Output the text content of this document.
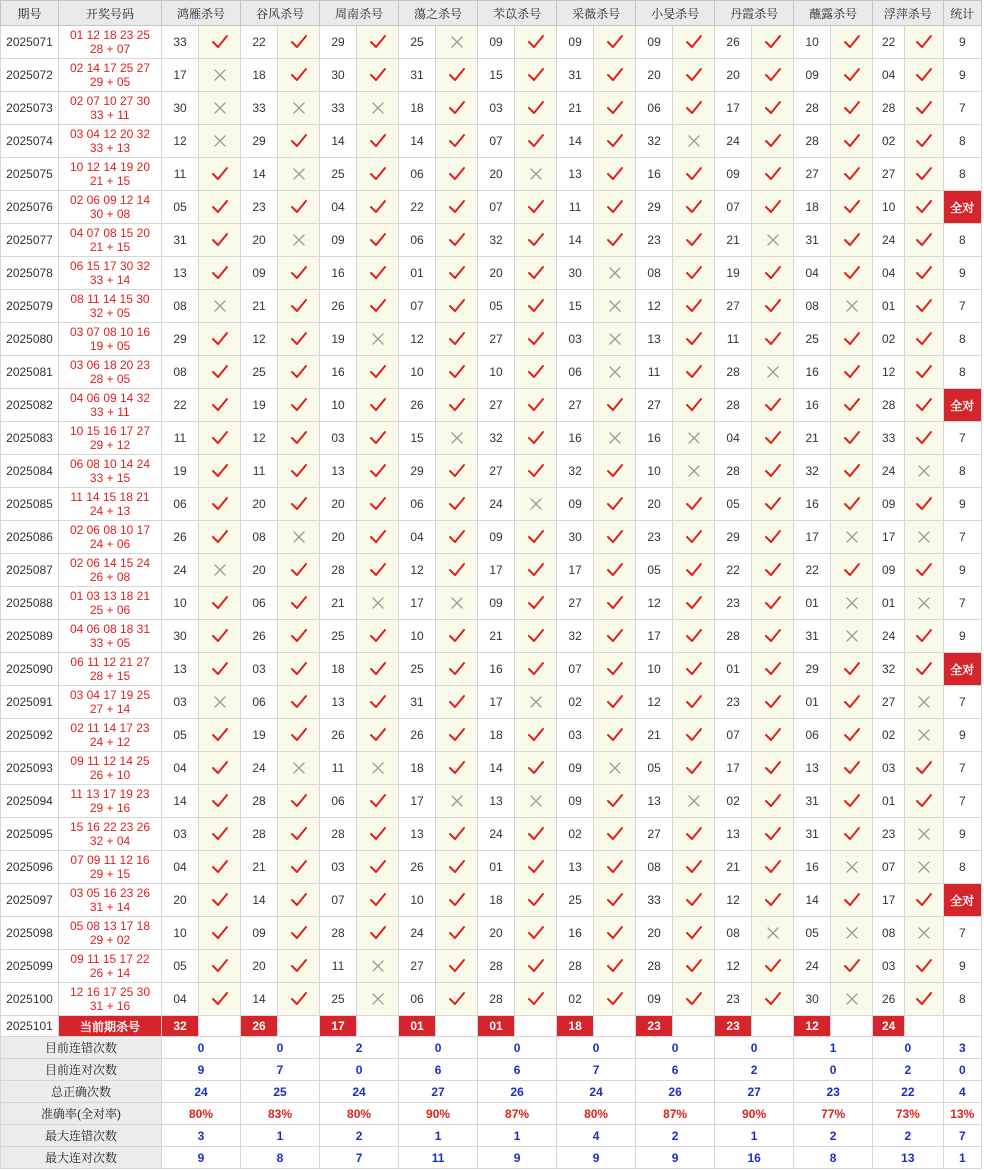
期号	开奖号码	鸿雁杀号		谷风杀号		周南杀号		蕩之杀号		芣苡杀号		采薇杀号		小旻杀号		丹霞杀号		蘸露杀号		浮萍杀号		统计
2025071	01 12 18 23 25
28 + 07	33		22		29		25		09		09		09		26		10		22		9
2025072	02 14 17 25 27
29 + 05	17		18		30		31		15		31		20		20		09		04		9
2025073	02 07 10 27 30
33 + 11	30		33		33		18		03		21		06		17		28		28		7
2025074	03 04 12 20 32
33 + 13	12		29		14		14		07		14		32		24		28		02		8
2025075	10 12 14 19 20
21 + 15	11		14		25		06		20		13		16		09		27		27		8
2025076	02 06 09 12 14
30 + 08	05		23		04		22		07		11		29		07		18		10		全对
2025077	04 07 08 15 20
21 + 15	31		20		09		06		32		14		23		21		31		24		8
2025078	06 15 17 30 32
33 + 14	13		09		16		01		20		30		08		19		04		04		9
2025079	08 11 14 15 30
32 + 05	08		21		26		07		05		15		12		27		08		01		7
2025080	03 07 08 10 16
19 + 05	29		12		19		12		27		03		13		11		25		02		8
2025081	03 06 18 20 23
28 + 05	08		25		16		10		10		06		11		28		16		12		8
2025082	04 06 09 14 32
33 + 11	22		19		10		26		27		27		27		28		16		28		全对
2025083	10 15 16 17 27
29 + 12	11		12		03		15		32		16		16		04		21		33		7
2025084	06 08 10 14 24
33 + 15	19		11		13		29		27		32		10		28		32		24		8
2025085	11 14 15 18 21
24 + 13	06		20		20		06		24		09		20		05		16		09		9
2025086	02 06 08 10 17
24 + 06	26		08		20		04		09		30		23		29		17		17		7
2025087	02 06 14 15 24
26 + 08	24		20		28		12		17		17		05		22		22		09		9
2025088	01 03 13 18 21
25 + 06	10		06		21		17		09		27		12		23		01		01		7
2025089	04 06 08 18 31
33 + 05	30		26		25		10		21		32		17		28		31		24		9
2025090	06 11 12 21 27
28 + 15	13		03		18		25		16		07		10		01		29		32		全对
2025091	03 04 17 19 25
27 + 14	03		06		13		31		17		02		12		23		01		27		7
2025092	02 11 14 17 23
24 + 12	05		19		26		26		18		03		21		07		06		02		9
2025093	09 11 12 14 25
26 + 10	04		24		11		18		14		09		05		17		13		03		7
2025094	11 13 17 19 23
29 + 16	14		28		06		17		13		09		13		02		31		01		7
2025095	15 16 22 23 26
32 + 04	03		28		28		13		24		02		27		13		31		23		9
2025096	07 09 11 12 16
29 + 15	04		21		03		26		01		13		08		21		16		07		8
2025097	03 05 16 23 26
31 + 14	20		14		07		10		18		25		33		12		14		17		全对
2025098	05 08 13 17 18
29 + 02	10		09		28		24		20		16		20		08		05		08		7
2025099	09 11 15 17 22
26 + 14	05		20		11		27		28		28		28		12		24		03		9
2025100	12 16 17 25 30
31 + 16	04		14		25		06		28		02		09		23		30		26		8
2025101	当前期杀号	32		26		17		01		01		18		23		23		12		24		
目前连错次数		0		0		2		0		0		0		0		0		1		0		3
目前连对次数		9		7		0		6		6		7		6		2		0		2		0
总正确次数		24		25		24		27		26		24		26		27		23		22		4
准确率(全对率)		80%		83%		80%		90%		87%		80%		87%		90%		77%		73%		13%
最大连错次数		3		1		2		1		1		4		2		1		2		2		7
最大连对次数		9		8		7		11		9		9		9		16		8		13		1
